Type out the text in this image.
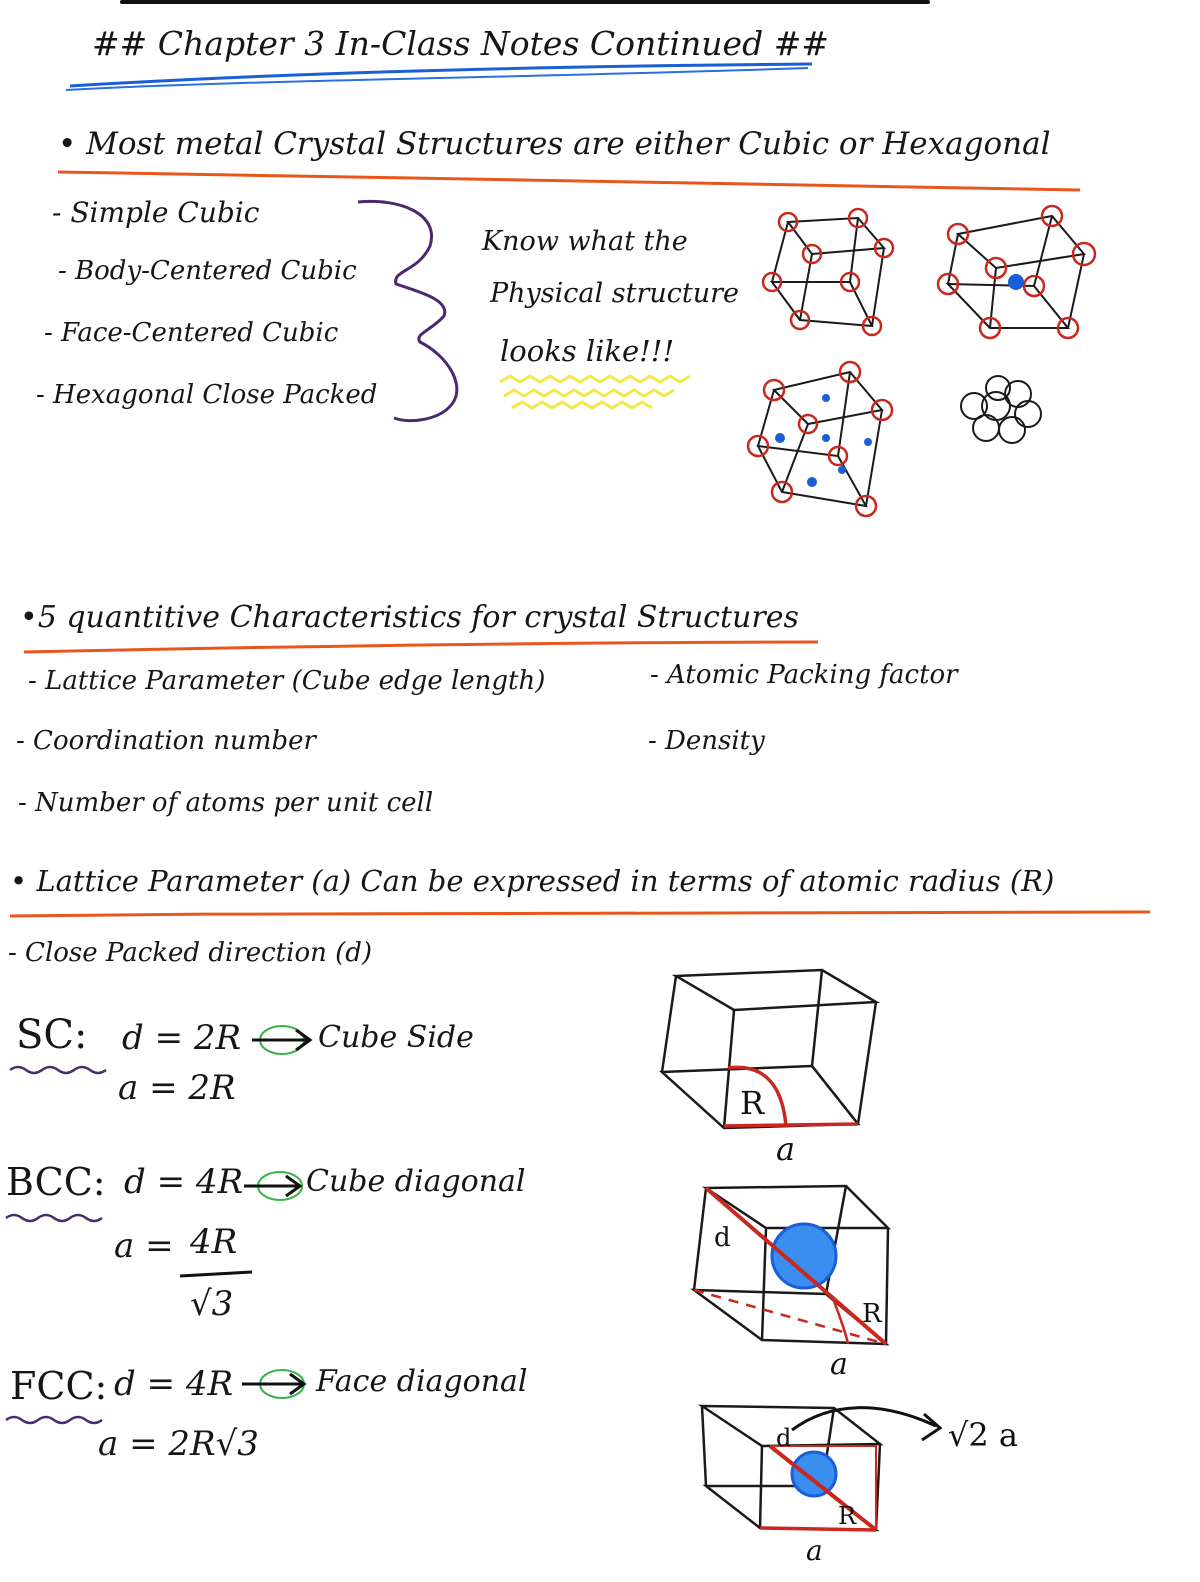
## Chapter 3 In-Class Notes Continued ##
• Most metal Crystal Structures are either Cubic or Hexagonal
- Simple Cubic
- Body-Centered Cubic
- Face-Centered Cubic
- Hexagonal Close Packed
Know what the
Physical structure
looks like!!!
•5 quantitive Characteristics for crystal Structures
- Lattice Parameter (Cube edge length)
- Coordination number
- Number of atoms per unit cell
- Atomic Packing factor
- Density
• Lattice Parameter (a) Can be expressed in terms of atomic radius (R)
- Close Packed direction (d)
SC: d = 2R	Cube Side
a = 2R
BCC: d = 4R Cube diagonal
a = 4R
√3
FCC: d = 4R	Face diagonal
a = 2R√3
R
a
d
R
a
d
R
a
√2 a
